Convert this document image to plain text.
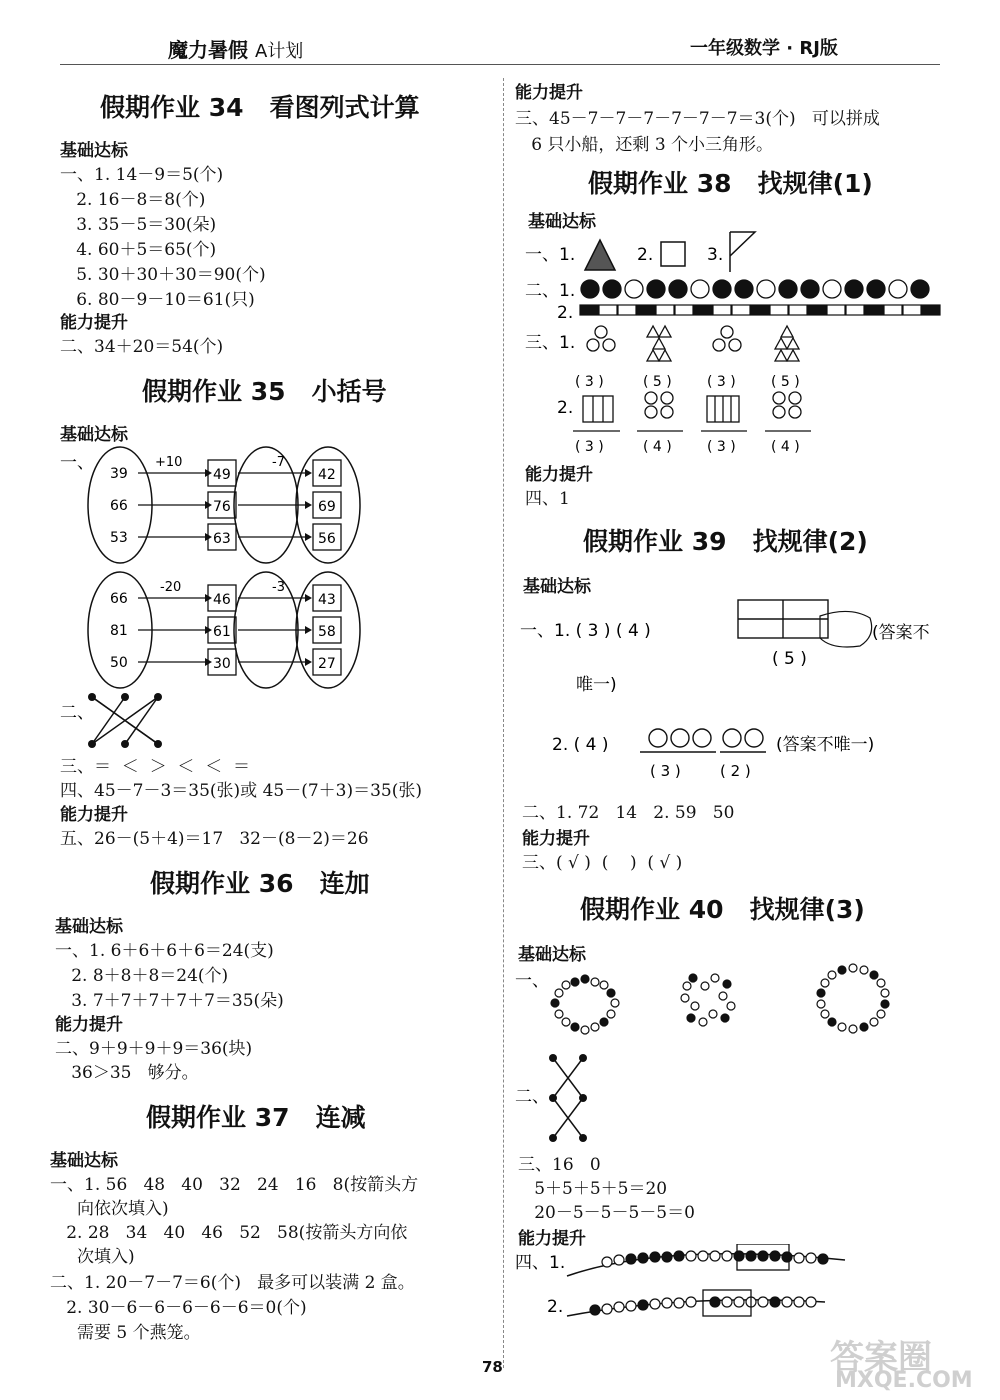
魔力暑假 A计划	一年级数学 · RJ版
假期作业 34   看图列式计算
基础达标
一、1. 14－9＝5(个)
2. 16－8＝8(个)
3. 35－5＝30(朵)
4. 60＋5＝65(个)
5. 30＋30＋30＝90(个)
6. 80－9－10＝61(只)
能力提升
二、34＋20＝54(个)
假期作业 35   小括号
基础达标
一、	+10	-7
39
66
53
49
76
63
42
69
56
-20	-3
66
81
50
46
61
30
43
58
27
二、
三、＝  ＜  ＞  ＜  ＜  ＝
四、45－7－3＝35(张)或 45－(7＋3)＝35(张)
能力提升
五、26－(5＋4)＝17   32－(8－2)＝26
假期作业 36   连加
基础达标
一、1. 6＋6＋6＋6＝24(支)
2. 8＋8＋8＝24(个)
3. 7＋7＋7＋7＋7＝35(朵)
能力提升
二、9＋9＋9＋9＝36(块)
36＞35   够分。
假期作业 37   连减
基础达标
一、1. 56   48   40   32   24   16   8(按箭头方
向依次填入)
2. 28   34   40   46   52   58(按箭头方向依
次填入)
二、1. 20－7－7＝6(个)   最多可以装满 2 盒。
2. 30－6－6－6－6－6＝0(个)
需要 5 个燕笼。
能力提升
三、45－7－7－7－7－7－7＝3(个)   可以拼成
6 只小船，还剩 3 个小三角形。
假期作业 38   找规律(1)
基础达标
一、1.	2.	3.
二、1.
2.
三、1.
( 3 )	( 5 )	( 3 )	( 5 )
2.
( 3 )	( 4 )	( 3 )	( 4 )
能力提升
四、1
假期作业 39   找规律(2)
基础达标
一、1. ( 3 ) ( 4 )	(答案不
( 5 )
唯一)
2. ( 4 )	(答案不唯一)
( 3 )	( 2 )
二、1. 72   14   2. 59   50
能力提升
三、( √ )  (    )  ( √ )
假期作业 40   找规律(3)
基础达标
一、
二、
三、16   0
5＋5＋5＋5＝20
20－5－5－5－5＝0
能力提升
四、1.
2.
78	答案圈
MXQE.COM
